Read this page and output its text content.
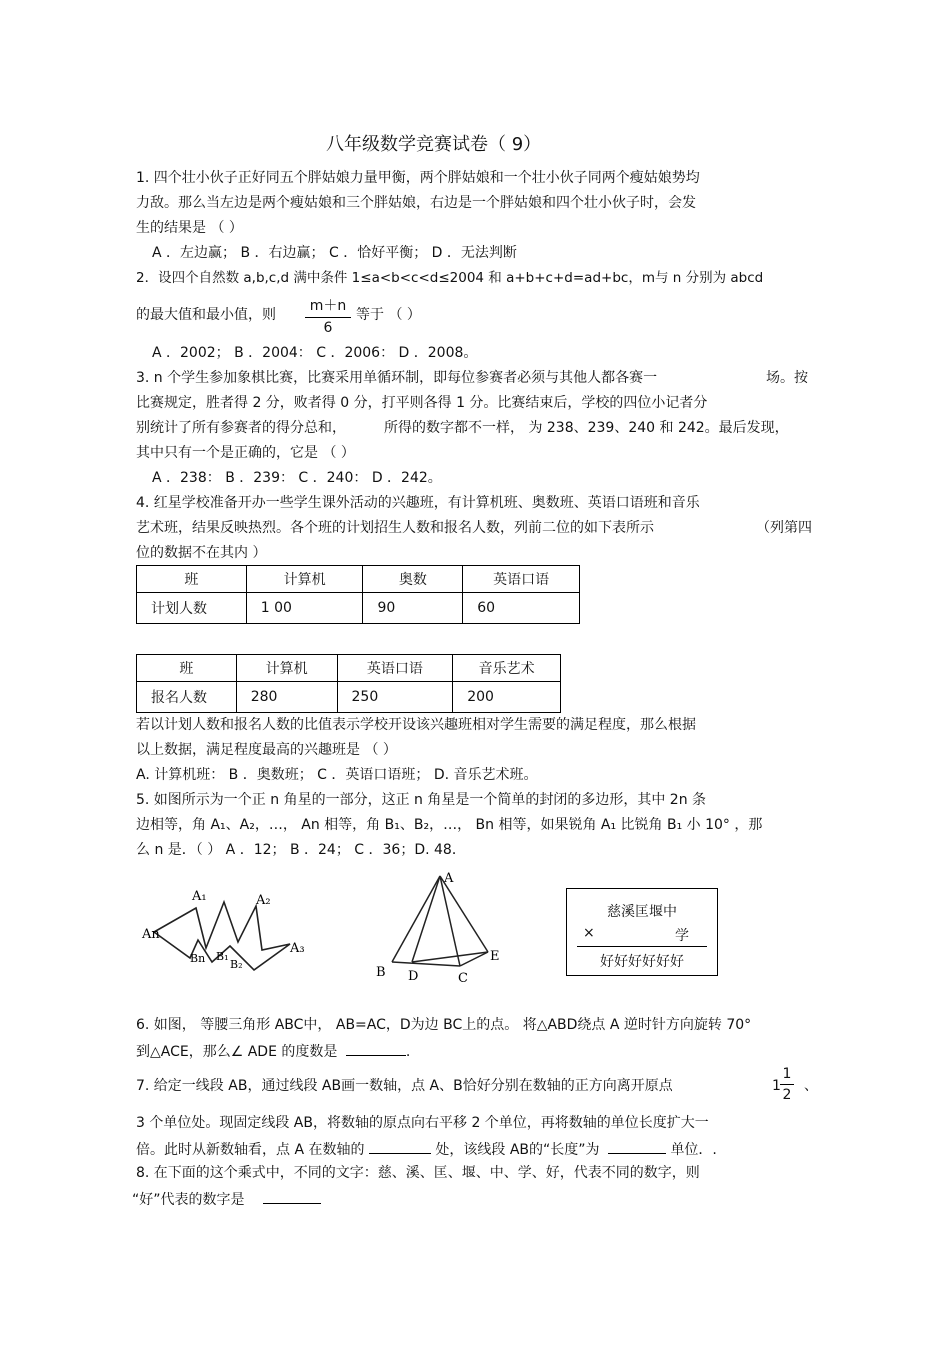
八年级数学竞赛试卷（ 9）
1. 四个壮小伙子正好同五个胖姑娘力量甲衡，两个胖姑娘和一个壮小伙子同两个瘦姑娘势均
力敌。那么当左边是两个瘦姑娘和三个胖姑娘，右边是一个胖姑娘和四个壮小伙子时，会发
生的结果是 （ ）
A ．左边赢； B ．右边赢； C ．恰好平衡； D ．无法判断
2．设四个自然数 a,b,c,d 满中条件 1≤a<b<c<d≤2004 和 a+b+c+d=ad+bc，m与 n 分别为 abcd
的最大值和最小值，则
m＋n
6
等于 （ ）
A ．2002； B ．2004： C ．2006： D ．2008。
3. n 个学生参加象棋比赛，比赛采用单循环制，即每位参赛者必须与其他人都各赛一	场。按
比赛规定，胜者得 2 分，败者得 0 分，打平则各得 1 分。比赛结束后，学校的四位小记者分
别统计了所有参赛者的得分总和，	所得的数字都不一样， 为 238、239、240 和 242。最后发现，
其中只有一个是正确的，它是 （ ）
A ．238： B ．239： C ．240： D ．242。
4. 红星学校准备开办一些学生课外活动的兴趣班，有计算机班、奥数班、英语口语班和音乐
艺术班，结果反映热烈。各个班的计划招生人数和报名人数，列前二位的如下表所示	（列第四
位的数据不在其内 ）
班	计算机	奥数	英语口语
计划人数	1 00	90	60
班	计算机	英语口语	音乐艺术
报名人数	280	250	200
若以计划人数和报名人数的比值表示学校开设该兴趣班相对学生需要的满足程度，那么根据
以上数据，满足程度最高的兴趣班是 （ ）
A. 计算机班： B ．奥数班； C ．英语口语班； D. 音乐艺术班。
5. 如图所示为一个正 n 角星的一部分，这正 n 角星是一个简单的封闭的多边形，其中 2n 条
边相等，角 A₁、A₂，…， An 相等，角 B₁、B₂，…， Bn 相等，如果锐角 A₁ 比锐角 B₁ 小 10° ，那
么 n 是．（ ） A ．12； B ．24； C ．36；D. 48．
An
A₁	A₂
A₃
Bn B₁
B₂
A
B D	C
E
慈溪匡堰中
×	学
好好好好好好
6. 如图， 等腰三角形 ABC中， AB=AC，D为边 BC上的点。 将△ABD绕点 A 逆时针方向旋转 70°
到△ACE，那么∠ ADE 的度数是	.
7. 给定一线段 AB，通过线段 AB画一数轴，点 A、B恰好分别在数轴的正方向离开原点	1
1
2
、
3 个单位处。现固定线段 AB，将数轴的原点向右平移 2 个单位，再将数轴的单位长度扩大一
倍。此时从新数轴看，点 A 在数轴的	处，该线段 AB的“长度”为	单位．.
8. 在下面的这个乘式中，不同的文字：慈、溪、匡、堰、中、学、好，代表不同的数字，则
“好”代表的数字是
